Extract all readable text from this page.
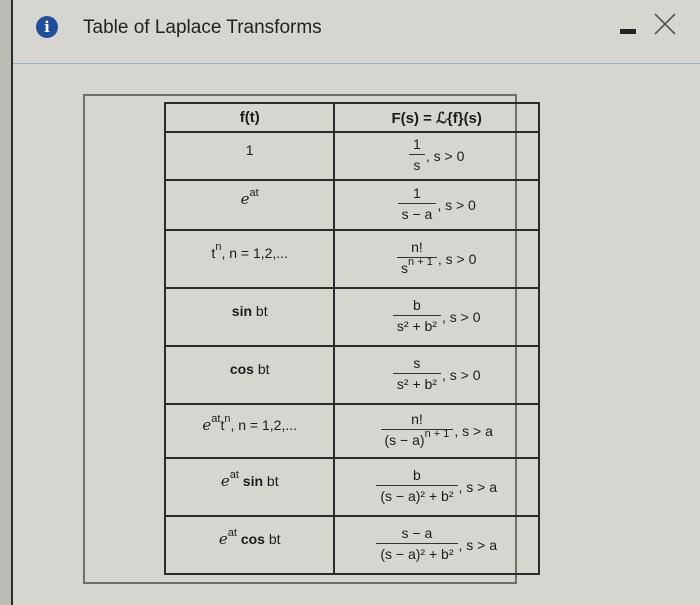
i	Table of Laplace Transforms
f(t)	F(s) = ℒ{f}(s)
1	$\frac{1}{s}$ , s > 0
$e^{at}$	$\frac{1}{s - a}$ , s > 0
$t^n$, n = 1,2,...	$\frac{n!}{s^{n + 1}}$ , s > 0
sin bt	$\frac{b}{\text{s² + b²}}$ , s > 0
cos bt	$\frac{s}{\text{s² + b²}}$ , s > 0
$e^{at}t^n$, n = 1,2,...	$\frac{n!}{(s - a)^{n + 1}}$ , s > a
$e^{at}$ sin bt	$\frac{b}{\text{(s − a)² + b²}}$ , s > a
$e^{at}$ cos bt	$\frac{s - a}{\text{(s − a)² + b²}}$ , s > a
